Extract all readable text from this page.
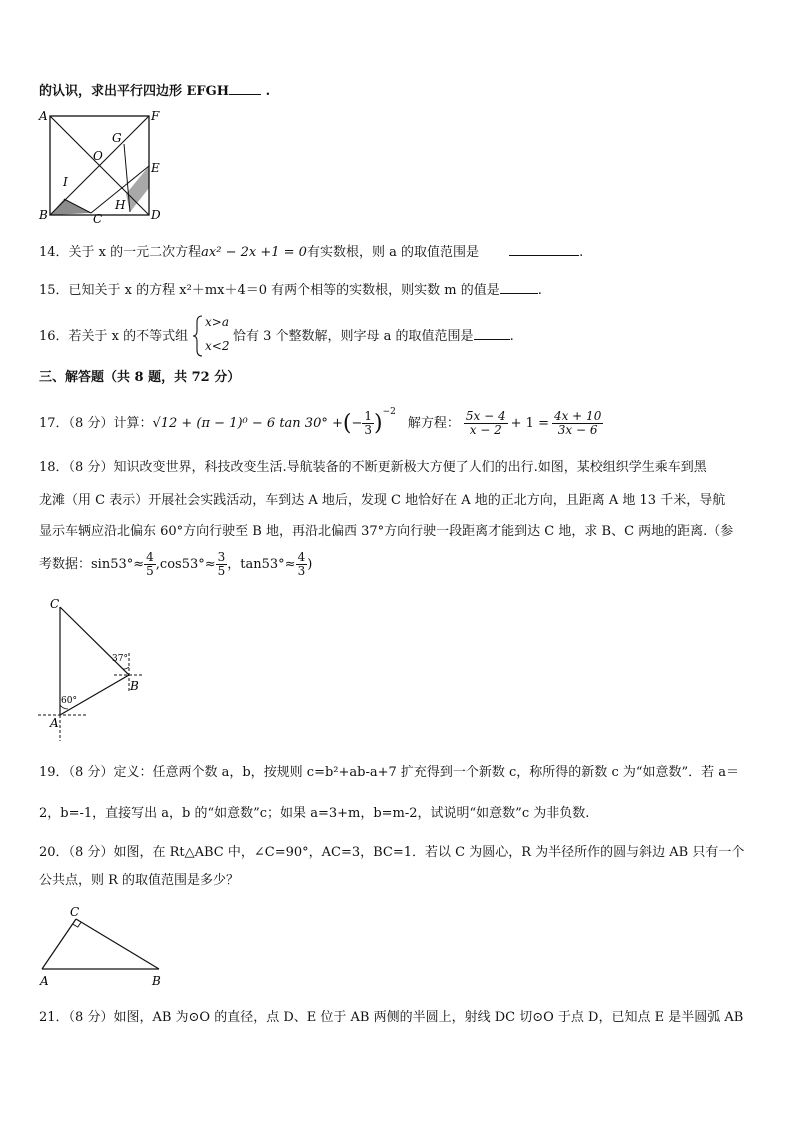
的认识，求出平行四边形 EFGH	.
A	F
G
O
E
I
B	C
H
D
14．关于 x 的一元二次方程ax² − 2x +1 = 0有实数根，则 a 的取值范围是	.
15．已知关于 x 的方程 x²＋mx＋4＝0 有两个相等的实数根，则实数 m 的值是	.
16．若关于 x 的不等式组
x>a
x<2
恰有 3 个整数解，则字母 a 的取值范围是	.
三、解答题（共 8 题，共 72 分）
17．（8 分）计算： √12 + (π − 1)⁰ − 6 tan 30° + ( − $\frac{1}{3}$ ) −2
解方程： $\frac{5x - 4}{x - 2} + 1 = \frac{4x + 10}{3x - 6}$
18．（8 分）知识改变世界，科技改变生活.导航装备的不断更新极大方便了人们的出行.如图，某校组织学生乘车到黑
龙滩（用 C 表示）开展社会实践活动，车到达 A 地后，发现 C 地恰好在 A 地的正北方向，且距离 A 地 13 千米，导航
显示车辆应沿北偏东 60°方向行驶至 B 地，再沿北偏西 37°方向行驶一段距离才能到达 C 地，求 B、C 两地的距离.（参
考数据：$\sin 53^\circ\approx \frac{4}{5} ,\cos 53^\circ\approx \frac{3}{5}$ ，$\tan 53^\circ\approx \frac{4}{3}$ )
C
B
A
37°
60°
19．（8 分）定义：任意两个数 a，b，按规则 c=b²+ab-a+7 扩充得到一个新数 c，称所得的新数 c 为“如意数”．若 a＝
2，b=-1，直接写出 a，b 的“如意数”c；如果 a=3+m，b=m-2，试说明“如意数”c 为非负数.
20．（8 分）如图，在 Rt△ABC 中，∠C=90°，AC=3，BC=1．若以 C 为圆心，R 为半径所作的圆与斜边 AB 只有一个
公共点，则 R 的取值范围是多少？
C
A	B
21．（8 分）如图，AB 为⊙O 的直径，点 D、E 位于 AB 两侧的半圆上，射线 DC 切⊙O 于点 D，已知点 E 是半圆弧 AB
